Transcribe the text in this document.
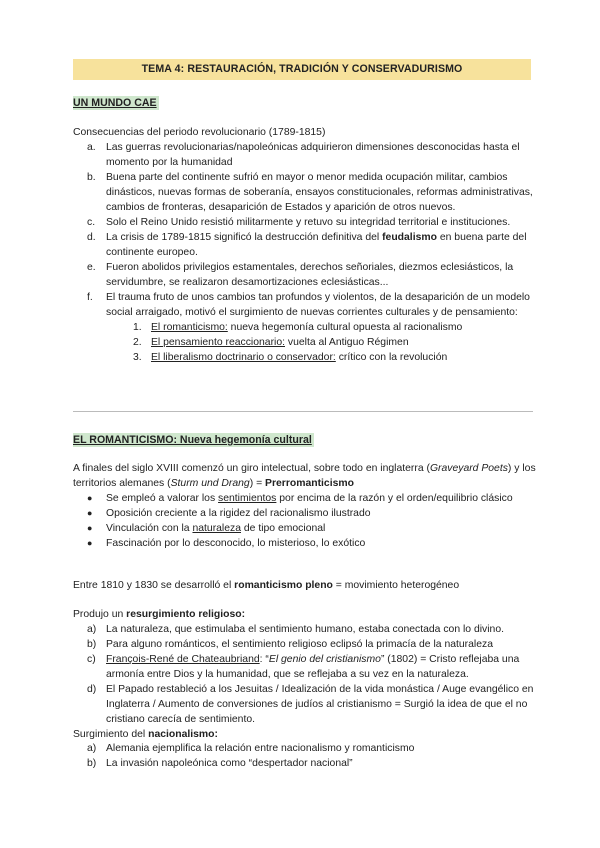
TEMA 4: RESTAURACIÓN, TRADICIÓN Y CONSERVADURISMO
UN MUNDO CAE
Consecuencias del periodo revolucionario (1789-1815)
a. Las guerras revolucionarias/napoleónicas adquirieron dimensiones desconocidas hasta el momento por la humanidad
b. Buena parte del continente sufrió en mayor o menor medida ocupación militar, cambios dinásticos, nuevas formas de soberanía, ensayos constitucionales, reformas administrativas, cambios de fronteras, desaparición de Estados y aparición de otros nuevos.
c. Solo el Reino Unido resistió militarmente y retuvo su integridad territorial e instituciones.
d. La crisis de 1789-1815 significó la destrucción definitiva del feudalismo en buena parte del continente europeo.
e. Fueron abolidos privilegios estamentales, derechos señoriales, diezmos eclesiásticos, la servidumbre, se realizaron desamortizaciones eclesiásticas...
f. El trauma fruto de unos cambios tan profundos y violentos, de la desaparición de un modelo social arraigado, motivó el surgimiento de nuevas corrientes culturales y de pensamiento:
1. El romanticismo: nueva hegemonía cultural opuesta al racionalismo
2. El pensamiento reaccionario: vuelta al Antiguo Régimen
3. El liberalismo doctrinario o conservador: crítico con la revolución
EL ROMANTICISMO: Nueva hegemonía cultural
A finales del siglo XVIII comenzó un giro intelectual, sobre todo en inglaterra (Graveyard Poets) y los territorios alemanes (Sturm und Drang) = Prerromanticismo
● Se empleó a valorar los sentimientos por encima de la razón y el orden/equilibrio clásico
● Oposición creciente a la rigidez del racionalismo ilustrado
● Vinculación con la naturaleza de tipo emocional
● Fascinación por lo desconocido, lo misterioso, lo exótico
Entre 1810 y 1830 se desarrolló el romanticismo pleno = movimiento heterogéneo
Produjo un resurgimiento religioso:
a) La naturaleza, que estimulaba el sentimiento humano, estaba conectada con lo divino.
b) Para alguno románticos, el sentimiento religioso eclipsó la primacía de la naturaleza
c) François-René de Chateaubriand: “El genio del cristianismo” (1802) = Cristo reflejaba una armonía entre Dios y la humanidad, que se reflejaba a su vez en la naturaleza.
d) El Papado restableció a los Jesuitas / Idealización de la vida monástica / Auge evangélico en Inglaterra / Aumento de conversiones de judíos al cristianismo = Surgió la idea de que el no cristiano carecía de sentimiento.
Surgimiento del nacionalismo:
a) Alemania ejemplifica la relación entre nacionalismo y romanticismo
b) La invasión napoleónica como “despertador nacional”
